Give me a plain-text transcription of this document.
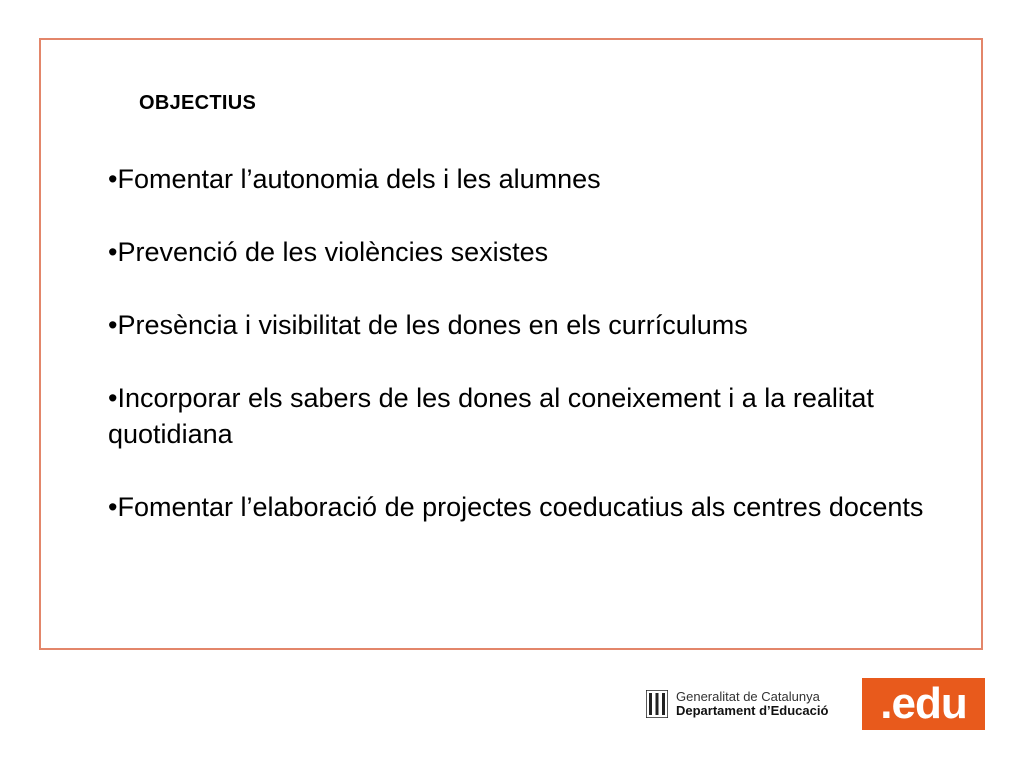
OBJECTIUS
•Fomentar l’autonomia dels i les alumnes
•Prevenció de les violències sexistes
•Presència i visibilitat de les dones en els currículums
•Incorporar els sabers de les dones al coneixement i a la realitat quotidiana
•Fomentar l’elaboració de projectes coeducatius als centres docents
Generalitat de Catalunya
Departament d’Educació	.edu
